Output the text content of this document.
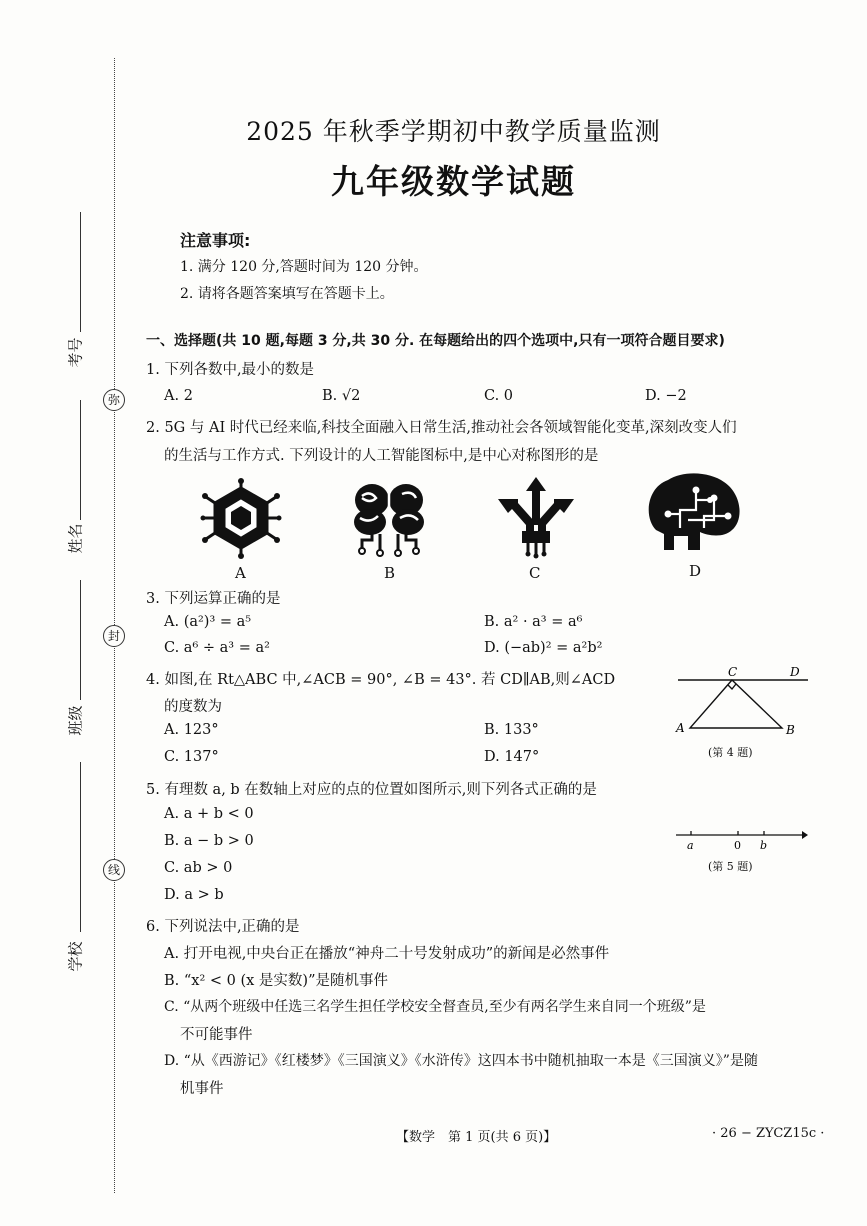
弥
封
线
考号
姓名
班级
学校
2025 年秋季学期初中教学质量监测
九年级数学试题
注意事项:
1. 满分 120 分,答题时间为 120 分钟。
2. 请将各题答案填写在答题卡上。
一、选择题(共 10 题,每题 3 分,共 30 分. 在每题给出的四个选项中,只有一项符合题目要求)
1. 下列各数中,最小的数是
A. 2	B. √2	C. 0	D. −2
2. 5G 与 AI 时代已经来临,科技全面融入日常生活,推动社会各领域智能化变革,深刻改变人们
的生活与工作方式. 下列设计的人工智能图标中,是中心对称图形的是
A	B	C	D
3. 下列运算正确的是
A. (a²)³ = a⁵	B. a² · a³ = a⁶
C. a⁶ ÷ a³ = a²	D. (−ab)² = a²b²
4. 如图,在 Rt△ABC 中,∠ACB = 90°, ∠B = 43°. 若 CD∥AB,则∠ACD
的度数为
A. 123°	B. 133°
C. 137°	D. 147°
C	D
A	B
(第 4 题)
5. 有理数 a, b 在数轴上对应的点的位置如图所示,则下列各式正确的是
A. a + b < 0
B. a − b > 0
C. ab > 0
D. a > b
a	0 b
(第 5 题)
6. 下列说法中,正确的是
A. 打开电视,中央台正在播放“神舟二十号发射成功”的新闻是必然事件
B. “x² < 0 (x 是实数)”是随机事件
C. “从两个班级中任选三名学生担任学校安全督查员,至少有两名学生来自同一个班级”是
不可能事件
D. “从《西游记》《红楼梦》《三国演义》《水浒传》这四本书中随机抽取一本是《三国演义》”是随
机事件
【数学　第 1 页(共 6 页)】	· 26 − ZYCZ15c ·
